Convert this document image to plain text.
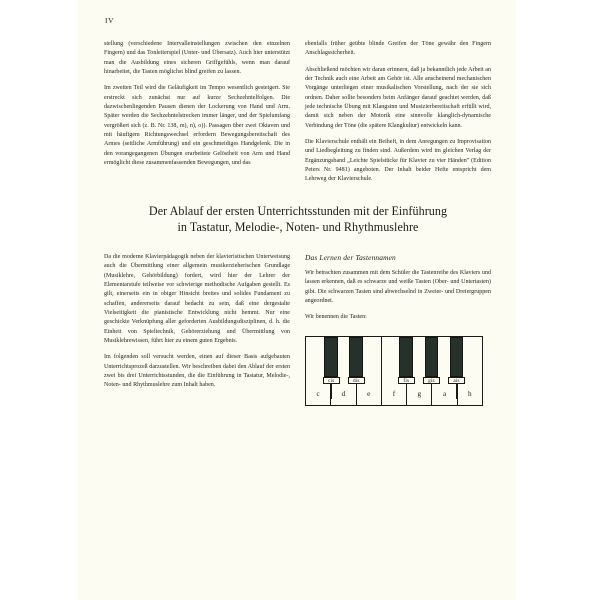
IV

stellung (verschiedene Intervalleinstellungen zwischen den einzelnen Fingern) und das Tonleiterspiel (Unter- und Übersatz). Auch hier unterstützt man die Ausbildung eines sicheren Griffgefühls, wenn man darauf hinarbeitet, die Tasten möglichst blind greifen zu lassen.

Im zweiten Teil wird die Geläufigkeit im Tempo wesentlich gesteigert. Sie erstreckt sich zunächst nur auf kurze Sechzehntelfolgen. Die dazwischenliegenden Pausen dienen der Lockerung von Hand und Arm. Später werden die Sechzehntelstrecken immer länger, und der Spielumfang vergrößert sich (z. B. Nr. 138, m), n), o)). Passagen über zwei Oktaven und mit häufigem Richtungswechsel erfordern Bewegungsbereitschaft des Armes (seitliche Armführung) und ein geschmeidiges Handgelenk. Die in den vorangegangenen Übungen erarbeitete Gelöstheit von Arm und Hand ermöglicht diese zusammenfassenden Bewegungen, und das

ebenfalls früher geübte blinde Greifen der Töne gewähr den Fingern Anschlagssicherheit.

Abschließend möchten wir daran erinnern, daß ja bekanntlich jede Arbeit an der Technik auch eine Arbeit am Gehör ist. Alle anscheinend mechanischen Vorgänge unterliegen einer musikalischen Vorstellung, nach der sie sich ordnen. Daher sollte besonders beim Anfänger darauf geachtet werden, daß jede technische Übung mit Klangsinn und Musizierbereitschaft erfüllt wird, damit sich neben der Motorik eine sinnvolle klanglich-dynamische Verbindung der Töne (die spätere Klangkultur) entwickeln kann.

Die Klavierschule enthält ein Beiheft, in dem Anregungen zu Improvisation und Liedbegleitung zu finden sind. Außerdem wird im gleichen Verlag der Ergänzungsband „Leichte Spielstücke für Klavier zu vier Händen" (Edition Peters Nr. 9481) angeboten. Der Inhalt beider Hefte entspricht dem Lehrweg der Klavierschule.

Der Ablauf der ersten Unterrichtsstunden mit der Einführung
in Tastatur, Melodie-, Noten- und Rhythmuslehre

Da die moderne Klavierpädagogik neben der klavieristischen Unterweisung auch die Übermittlung einer allgemein musikerzieherischen Grundlage (Musiklehre, Gehörbildung) fordert, wird hier der Lehrer der Elementarstufe teilweise vor schwierige methodische Aufgaben gestellt. Es gilt, einerseits ein in obiger Hinsicht breites und solides Fundament zu schaffen, andererseits darauf bedacht zu sein, daß eine dergestalte Vielseitigkeit die pianistische Entwicklung nicht hemmt. Nur eine geschickte Verknüpfung aller geforderten Ausbildungsdisziplinen, d. h. die Einheit von Spieltechnik, Gehörerziehung und Übermittlung von Musiklehrewissen, führt hier zu einem guten Ergebnis.

Im folgenden soll versucht werden, einen auf dieser Basis aufgebauten Unterrichtsprozeß darzustellen. Wir beschreiben dabei den Ablauf der ersten zwei bis drei Unterrichtsstunden, die die Einführung in Tastatur, Melodie-, Noten- und Rhythmuslehre zum Inhalt haben.

Das Lernen der Tastennamen

Wir betrachten zusammen mit dem Schüler die Tastenreihe des Klaviers und lassen erkennen, daß es schwarze und weiße Tasten (Ober- und Untertasten) gibt. Die schwarzen Tasten sind abwechselnd in Zweier- und Dreiergruppen angeordnet.

Wir benennen die Tasten:

c	d	e	f	g	a	h
cis	dis	fis	gis	ais
